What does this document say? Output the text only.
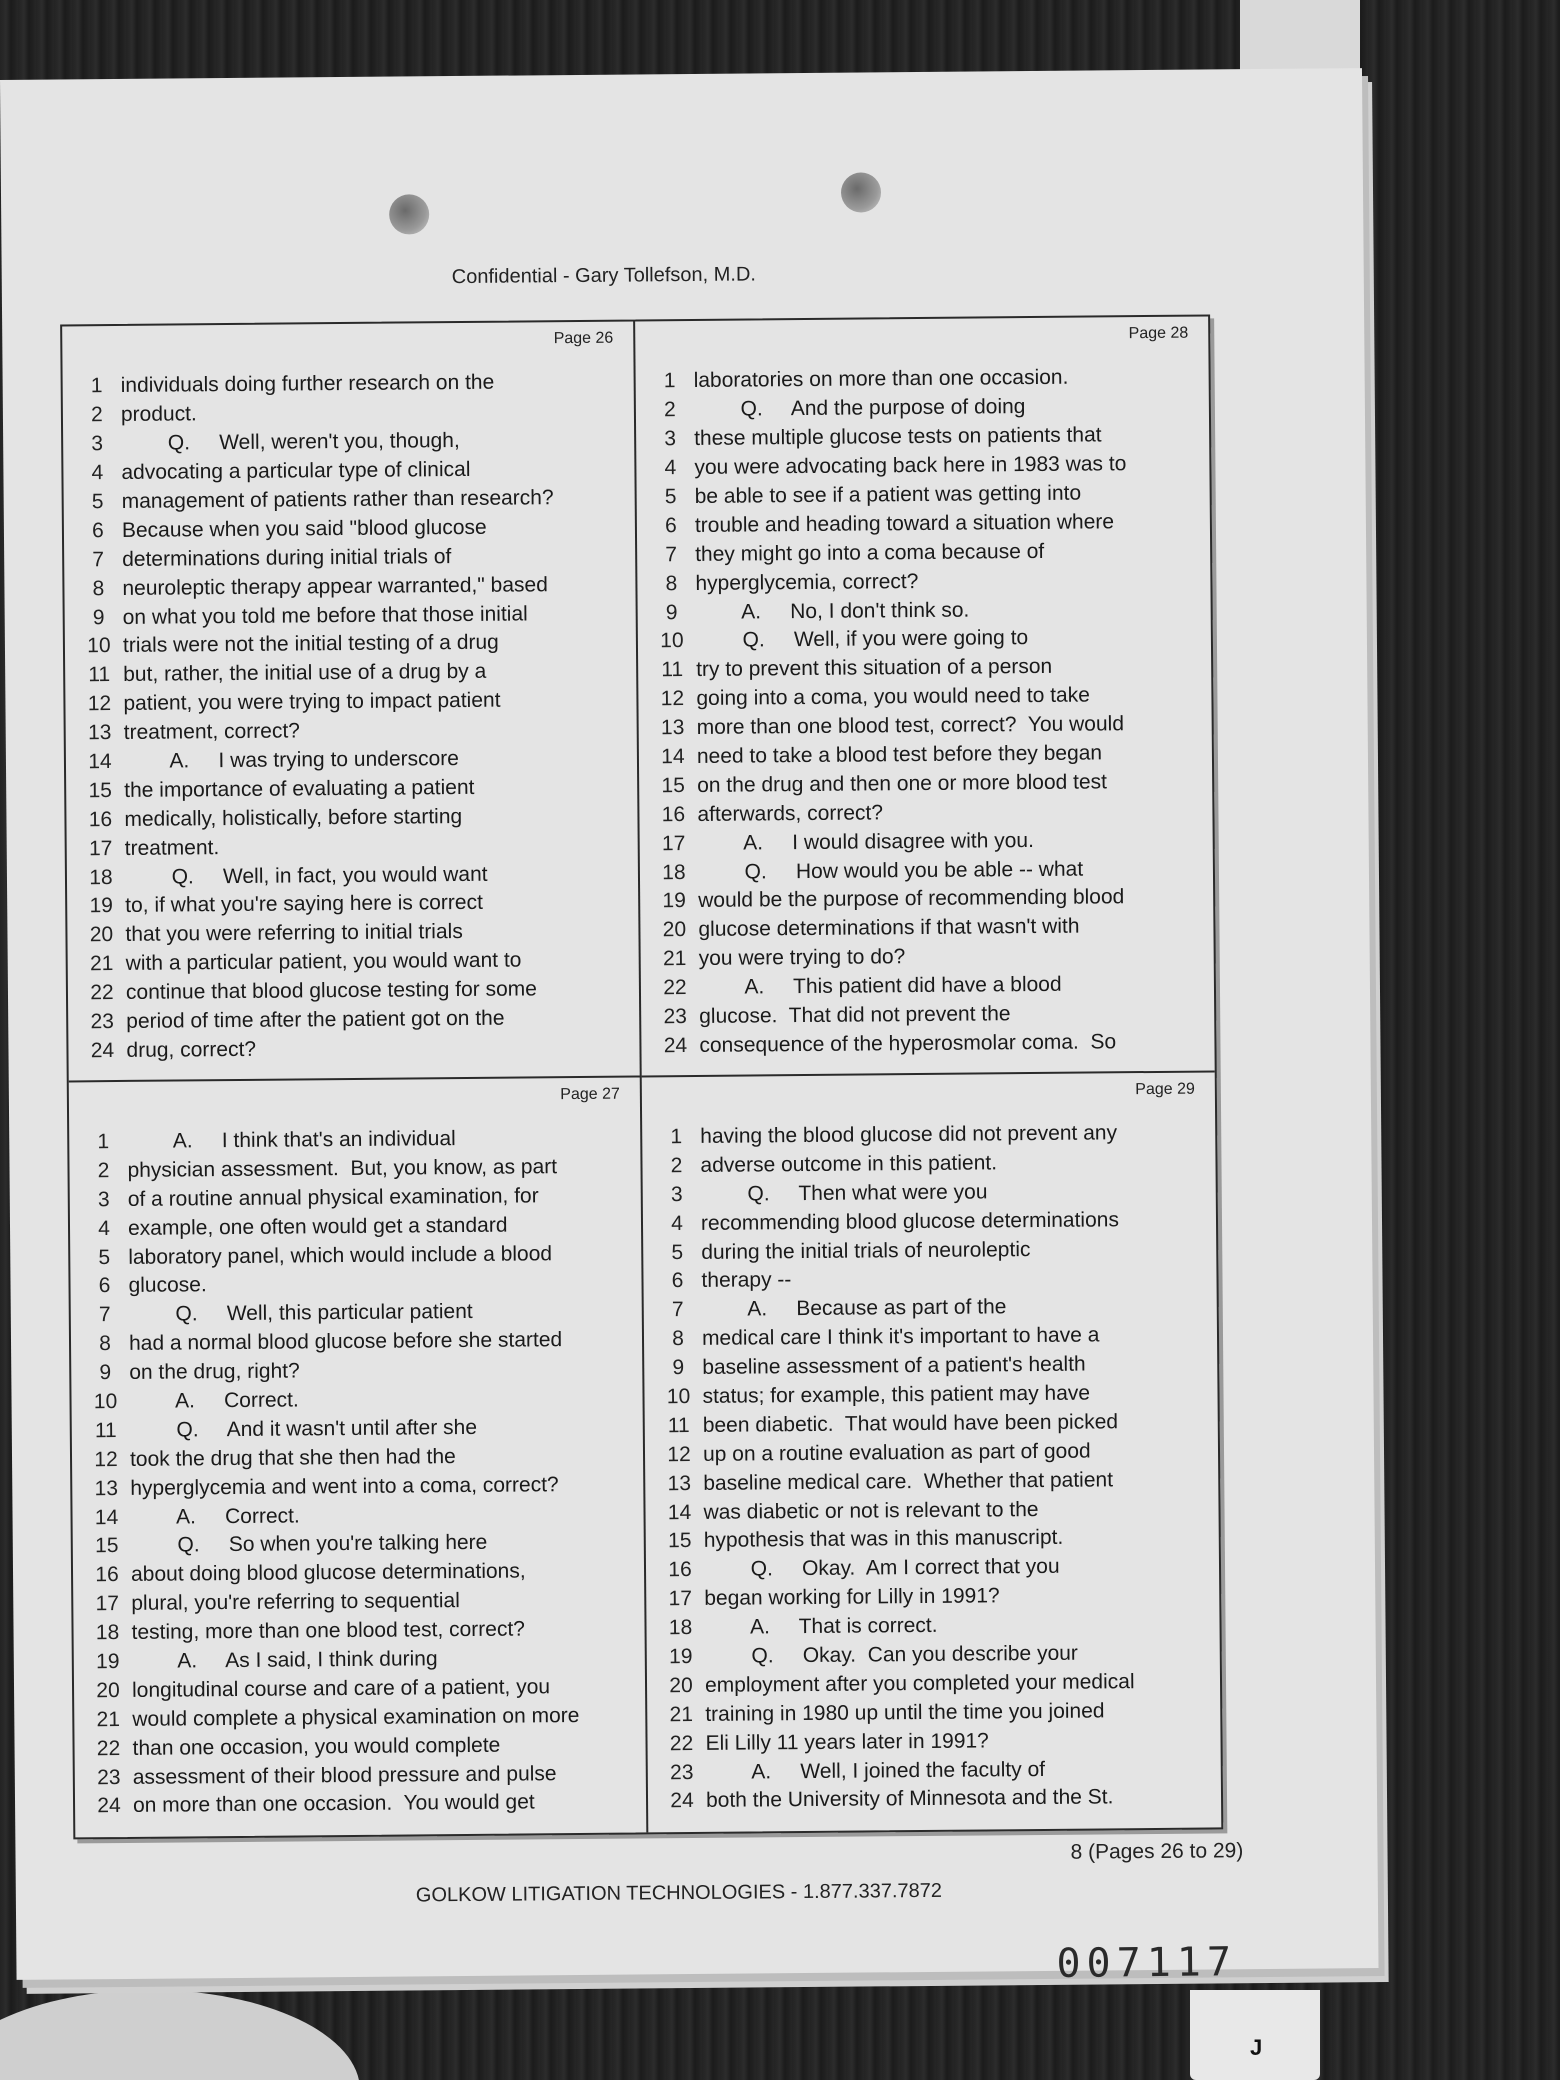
Confidential - Gary Tollefson, M.D.
Page 26
1 individuals doing further research on the
2 product.
3 Q.     Well, weren't you, though,
4 advocating a particular type of clinical
5 management of patients rather than research?
6 Because when you said "blood glucose
7 determinations during initial trials of
8 neuroleptic therapy appear warranted," based
9 on what you told me before that those initial
10 trials were not the initial testing of a drug
11 but, rather, the initial use of a drug by a
12 patient, you were trying to impact patient
13 treatment, correct?
14 A.     I was trying to underscore
15 the importance of evaluating a patient
16 medically, holistically, before starting
17 treatment.
18 Q.     Well, in fact, you would want
19 to, if what you're saying here is correct
20 that you were referring to initial trials
21 with a particular patient, you would want to
22 continue that blood glucose testing for some
23 period of time after the patient got on the
24 drug, correct?
Page 28
1 laboratories on more than one occasion.
2 Q.     And the purpose of doing
3 these multiple glucose tests on patients that
4 you were advocating back here in 1983 was to
5 be able to see if a patient was getting into
6 trouble and heading toward a situation where
7 they might go into a coma because of
8 hyperglycemia, correct?
9 A.     No, I don't think so.
10 Q.     Well, if you were going to
11 try to prevent this situation of a person
12 going into a coma, you would need to take
13 more than one blood test, correct?  You would
14 need to take a blood test before they began
15 on the drug and then one or more blood test
16 afterwards, correct?
17 A.     I would disagree with you.
18 Q.     How would you be able -- what
19 would be the purpose of recommending blood
20 glucose determinations if that wasn't with
21 you were trying to do?
22 A.     This patient did have a blood
23 glucose.  That did not prevent the
24 consequence of the hyperosmolar coma.  So
Page 27
1 A.     I think that's an individual
2 physician assessment.  But, you know, as part
3 of a routine annual physical examination, for
4 example, one often would get a standard
5 laboratory panel, which would include a blood
6 glucose.
7 Q.     Well, this particular patient
8 had a normal blood glucose before she started
9 on the drug, right?
10 A.     Correct.
11 Q.     And it wasn't until after she
12 took the drug that she then had the
13 hyperglycemia and went into a coma, correct?
14 A.     Correct.
15 Q.     So when you're talking here
16 about doing blood glucose determinations,
17 plural, you're referring to sequential
18 testing, more than one blood test, correct?
19 A.     As I said, I think during
20 longitudinal course and care of a patient, you
21 would complete a physical examination on more
22 than one occasion, you would complete
23 assessment of their blood pressure and pulse
24 on more than one occasion.  You would get
Page 29
1 having the blood glucose did not prevent any
2 adverse outcome in this patient.
3 Q.     Then what were you
4 recommending blood glucose determinations
5 during the initial trials of neuroleptic
6 therapy --
7 A.     Because as part of the
8 medical care I think it's important to have a
9 baseline assessment of a patient's health
10 status; for example, this patient may have
11 been diabetic.  That would have been picked
12 up on a routine evaluation as part of good
13 baseline medical care.  Whether that patient
14 was diabetic or not is relevant to the
15 hypothesis that was in this manuscript.
16 Q.     Okay.  Am I correct that you
17 began working for Lilly in 1991?
18 A.     That is correct.
19 Q.     Okay.  Can you describe your
20 employment after you completed your medical
21 training in 1980 up until the time you joined
22 Eli Lilly 11 years later in 1991?
23 A.     Well, I joined the faculty of
24 both the University of Minnesota and the St.
8 (Pages 26 to 29)
GOLKOW LITIGATION TECHNOLOGIES - 1.877.337.7872
007117
J
